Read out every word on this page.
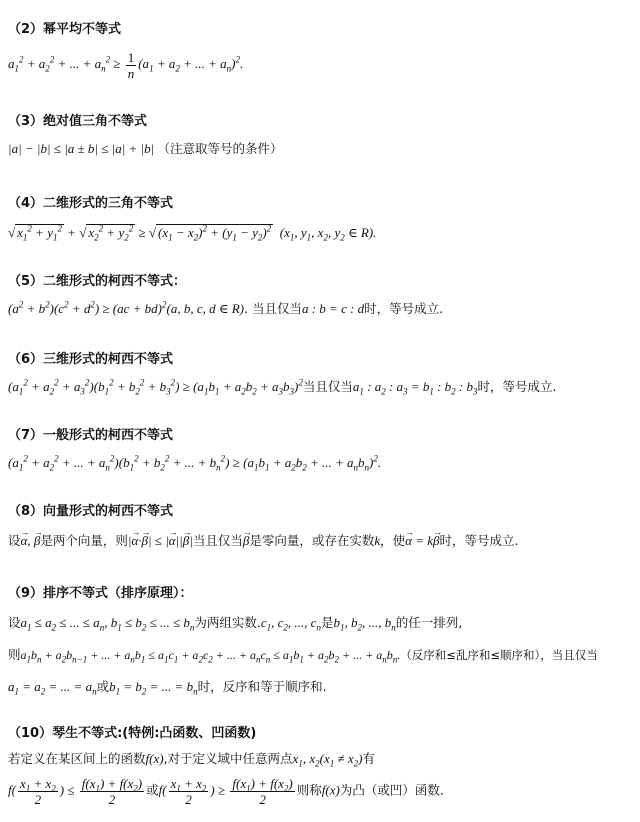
（2）幂平均不等式
$a_1^2 + a_2^2$ + ... + $a_n^2 \ge \frac{1}{n} (a_1 + a_2$ + ... + $a_n)^2$.
（3）绝对值三角不等式
|a| − |b| ≤ |a ± b| ≤ |a| + |b| （注意取等号的条件）
（4）二维形式的三角不等式
√ $x_1^2 + y_1^2$ + √ $x_2^2 + y_2^2$ ≥ √ $(x_1 - x_2)^2 + (y_1 - y_2)^2$  ($x_1$, $y_1$, $x_2$, $y_2$ ∈ R).
（5）二维形式的柯西不等式：
$(a^2 + b^2)(c^2 + d^2) \ge (ac + bd)^2(a$, b, c, d ∈ R). 当且仅当a : b = c : d时，等号成立.
（6）三维形式的柯西不等式
$(a_1^2 + a_2^2 + a_3^2)(b_1^2 + b_2^2 + b_3^2) \ge (a_1b_1 + a_2b_2 + a_3b_3)^2$当且仅当$a_1$ : $a_2$ : $a_3 = b_1$ : $b_2$ : $b_3$时，等号成立.
（7）一般形式的柯西不等式
($a_1^2 + a_2^2$ + ... + $a_n^2)(b_1^2 + b_2^2$ + ... + $b_n^2) \ge (a_1b_1 + a_2b_2$ + ... + $a_nb_n)^2$.
（8）向量形式的柯西不等式
设→ α, → β是两个向量，则|→ α·→ β| ≤ |→ α||→ β|当且仅当→ β是零向量，或存在实数k，使→ α = k→ β时，等号成立.
（9）排序不等式（排序原理）：
设$a_1 \le a_2$ ≤ ... ≤ $a_n$, $b_1 \le b_2$ ≤ ... ≤ $b_n$为两组实数$.c_1$, $c_2$, ..., $c_n$是$b_1$, $b_2$, ..., $b_n$的任一排列,
则$a_1b_n + a_2b_{n-1}$ + ... + $a_nb_1 \le a_1c_1 + a_2c_2$ + ... + $a_nc_n \le a_1b_1 + a_2b_2$ + ... + $a_nb_n$.（反序和≤乱序和≤顺序和），当且仅当
$a_1 = a_2$ = ... = $a_n$或$b_1 = b_2$ = ... = $b_n$时，反序和等于顺序和.
（10）琴生不等式:(特例:凸函数、凹函数)
若定义在某区间上的函数f(x),对于定义域中任意两点$x_1$, $x_2(x_1 \ne x_2)$有
$f( \frac{x_1 + x_2}{2}$ ) ≤ $\frac{f(x_1) + f(x_2)}{2}$ 或$f( \frac{x_1 + x_2}{2}$ ) ≥ $\frac{f(x_1) + f(x_2)}{2}$ 则称f(x)为凸（或凹）函数.
